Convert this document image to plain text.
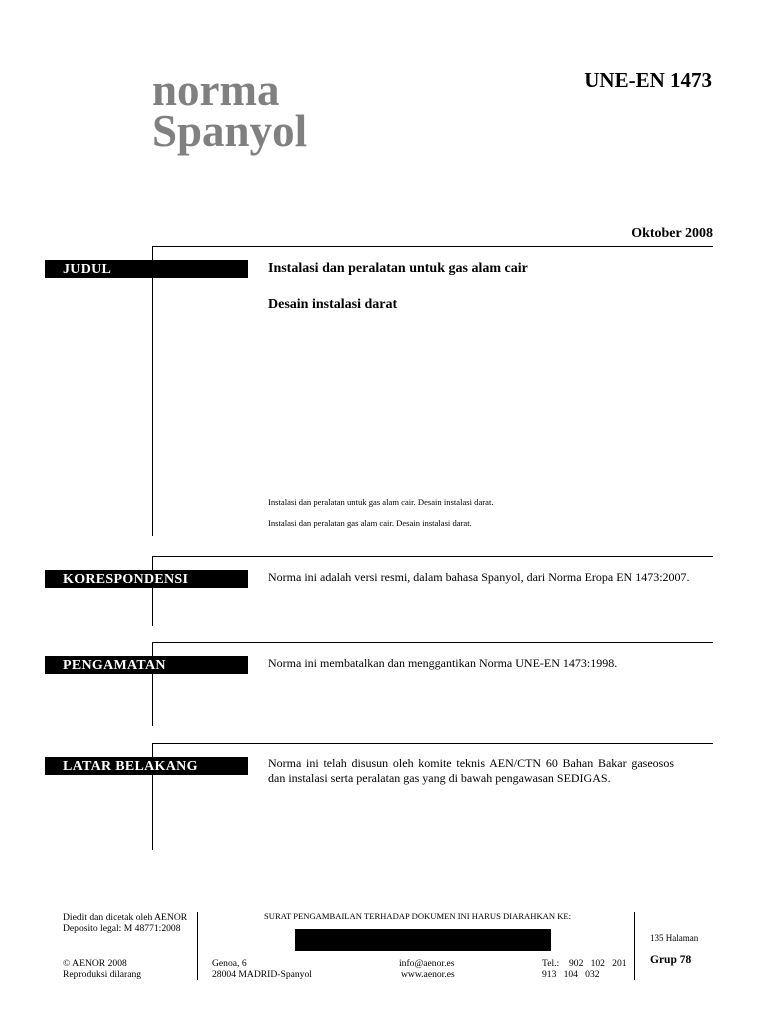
norma
Spanyol
UNE-EN 1473
Oktober 2008
JUDUL	Instalasi dan peralatan untuk gas alam cair
Desain instalasi darat
Instalasi dan peralatan untuk gas alam cair. Desain instalasi darat.
Instalasi dan peralatan gas alam cair. Desain instalasi darat.
KORESPONDENSI	Norma ini adalah versi resmi, dalam bahasa Spanyol, dari Norma Eropa EN 1473:2007.
PENGAMATAN	Norma ini membatalkan dan menggantikan Norma UNE-EN 1473:1998.
LATAR BELAKANG	Norma ini telah disusun oleh komite teknis AEN/CTN 60 Bahan Bakar gaseosos dan instalasi serta peralatan gas yang di bawah pengawasan SEDIGAS.
Diedit dan dicetak oleh AENOR
Deposito legal: M 48771:2008
© AENOR 2008
Reproduksi dilarang
SURAT PENGAMBAILAN TERHADAP DOKUMEN INI HARUS DIARAHKAN KE:
Genoa, 6
28004 MADRID-Spanyol
info@aenor.es
www.aenor.es
Tel.: 902   102   201
913   104   032
135 Halaman
Grup 78
